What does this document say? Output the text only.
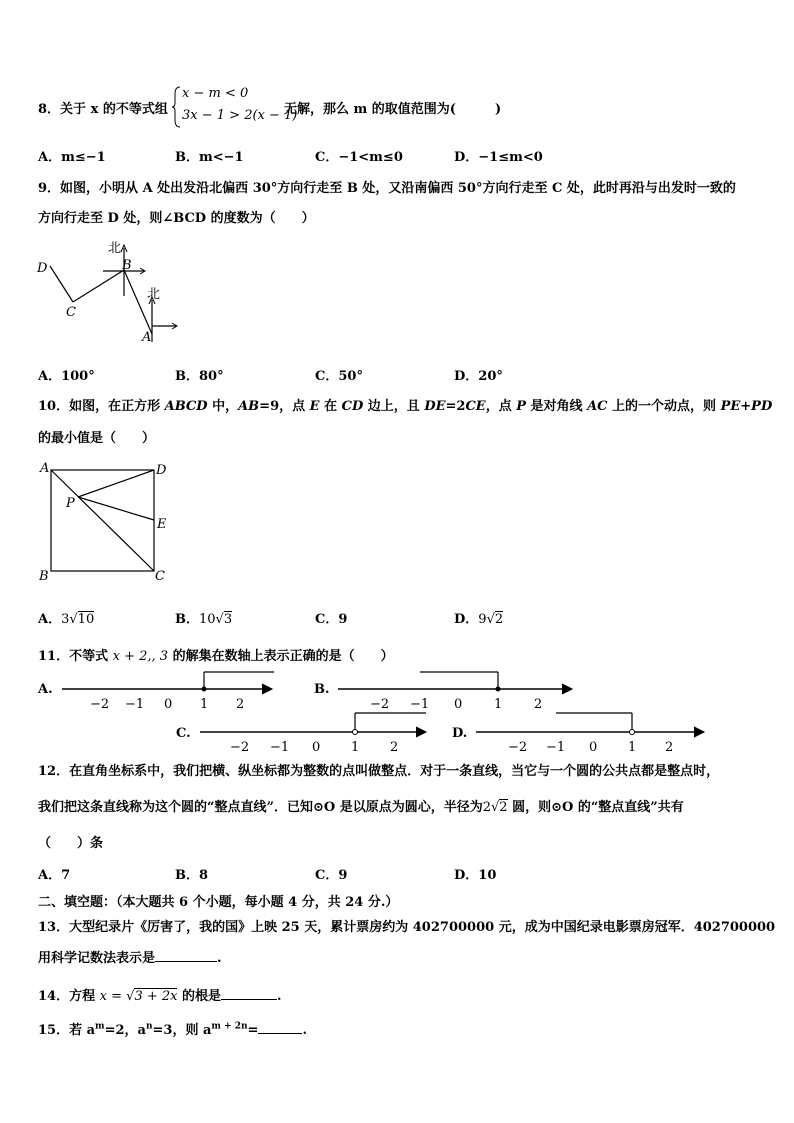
8．关于 x 的不等式组
x − m < 0
3x − 1 > 2(x − 1)
无解，那么 m 的取值范围为(　　　)
A．m≤−1	B．m<−1	C．−1<m≤0	D．−1≤m<0
9．如图，小明从 A 处出发沿北偏西 30°方向行走至 B 处，又沿南偏西 50°方向行走至 C 处，此时再沿与出发时一致的
方向行走至 D 处，则∠BCD 的度数为（　　）
北
北
D
C
B
A
A．100°	B．80°	C．50°	D．20°
10．如图，在正方形 ABCD 中，AB=9，点 E 在 CD 边上，且 DE=2CE，点 P 是对角线 AC 上的一个动点，则 PE+PD
的最小值是（　　）
A	D
P
E
B	C
A．3√10	B．10√3	C．9	D．9√2
11．不等式 x + 2,, 3 的解集在数轴上表示正确的是（　　）
A.
−2 −1 0 1 2
B.
−2 −1 0 1 2
C.
−2 −1 0 1 2
D.
−2 −1 0 1 2
12．在直角坐标系中，我们把横、纵坐标都为整数的点叫做整点．对于一条直线，当它与一个圆的公共点都是整点时，
我们把这条直线称为这个圆的“整点直线”．已知⊙O 是以原点为圆心，半径为2√2 圆，则⊙O 的“整点直线”共有
（　　）条
A．7	B．8	C．9	D．10
二、填空题：（本大题共 6 个小题，每小题 4 分，共 24 分.）
13．大型纪录片《厉害了，我的国》上映 25 天，累计票房约为 402700000 元，成为中国纪录电影票房冠军．402700000
用科学记数法表示是	.
14．方程 x = √3 + 2x 的根是	.
15．若 $a^m=2$，$a^n=3$，则 $a^{m + 2n}=$	.
